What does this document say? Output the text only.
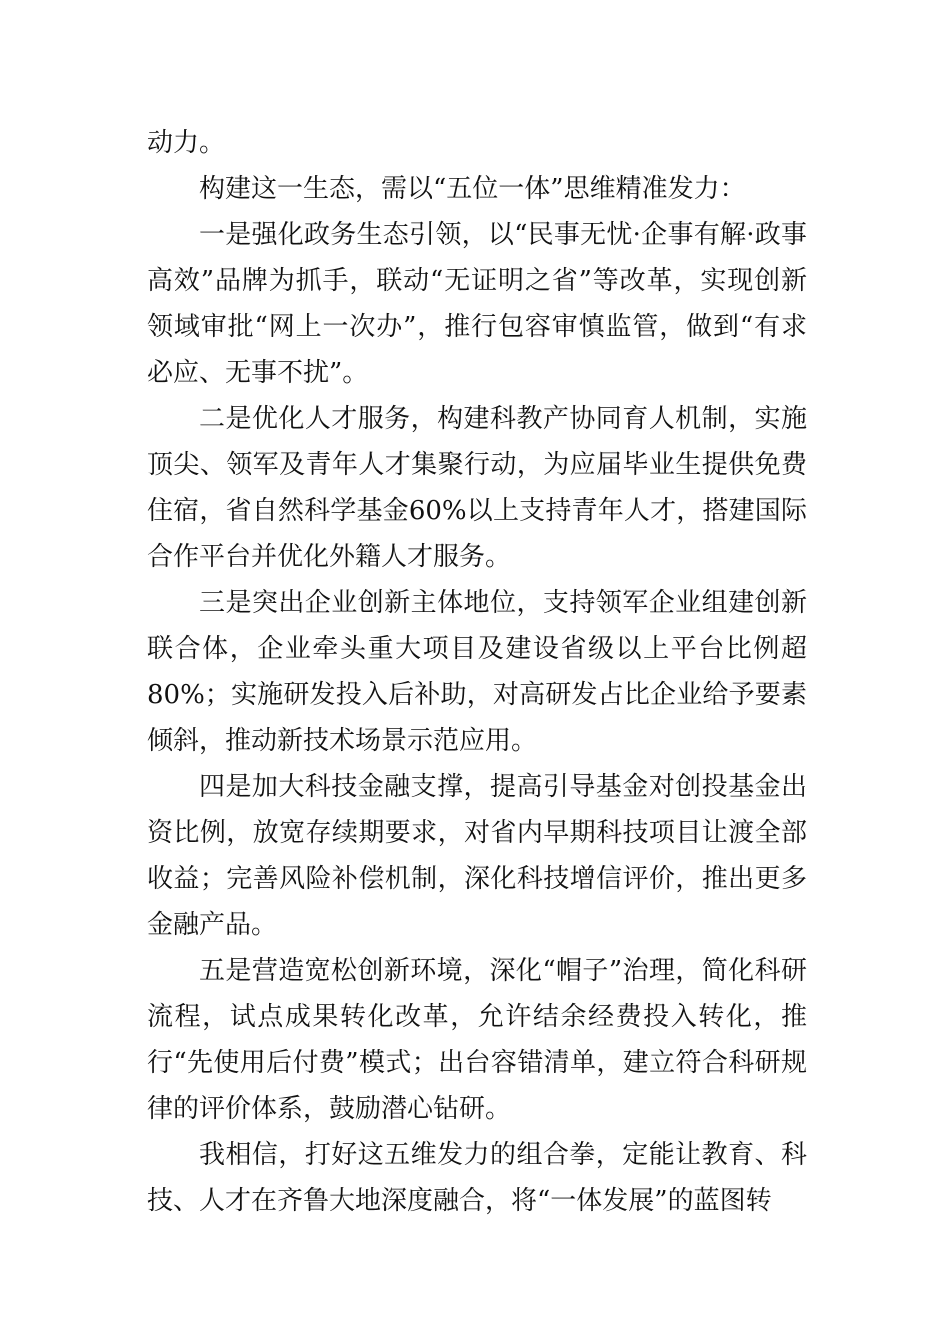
动力。

构建这一生态，需以“五位一体”思维精准发力：

一是强化政务生态引领，以“民事无忧·企事有解·政事高效”品牌为抓手，联动“无证明之省”等改革，实现创新领域审批“网上一次办”，推行包容审慎监管，做到“有求必应、无事不扰”。

二是优化人才服务，构建科教产协同育人机制，实施顶尖、领军及青年人才集聚行动，为应届毕业生提供免费住宿，省自然科学基金60%以上支持青年人才，搭建国际合作平台并优化外籍人才服务。

三是突出企业创新主体地位，支持领军企业组建创新联合体，企业牵头重大项目及建设省级以上平台比例超80%；实施研发投入后补助，对高研发占比企业给予要素倾斜，推动新技术场景示范应用。

四是加大科技金融支撑，提高引导基金对创投基金出资比例，放宽存续期要求，对省内早期科技项目让渡全部收益；完善风险补偿机制，深化科技增信评价，推出更多金融产品。

五是营造宽松创新环境，深化“帽子”治理，简化科研流程，试点成果转化改革，允许结余经费投入转化，推行“先使用后付费”模式；出台容错清单，建立符合科研规律的评价体系，鼓励潜心钻研。

我相信，打好这五维发力的组合拳，定能让教育、科技、人才在齐鲁大地深度融合，将“一体发展”的蓝图转
